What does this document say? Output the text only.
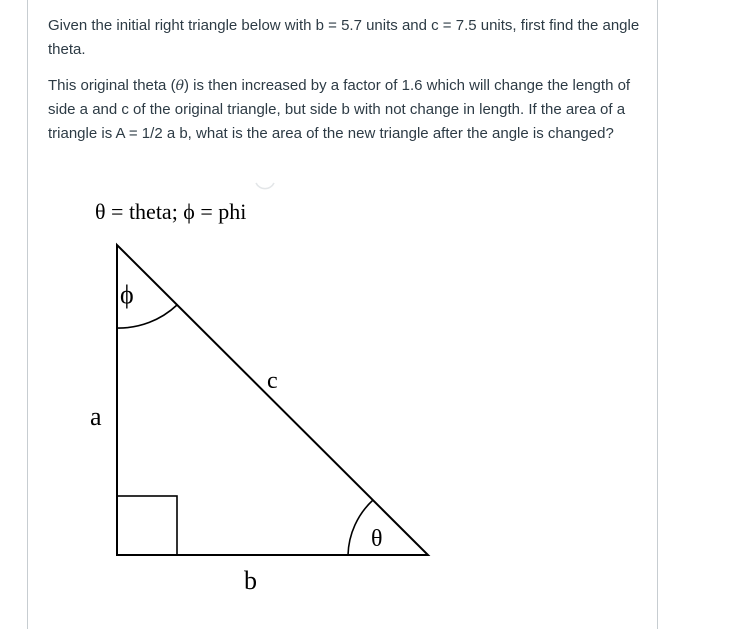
Given the initial right triangle below with b = 5.7 units and c = 7.5 units, first find the angle theta.
This original theta (θ) is then increased by a factor of 1.6 which will change the length of side a and c of the original triangle, but side b with not change in length. If the area of a triangle is A = 1/2 a b, what is the area of the new triangle after the angle is changed?
θ = theta; ϕ = phi
ϕ
θ
a
b
c
